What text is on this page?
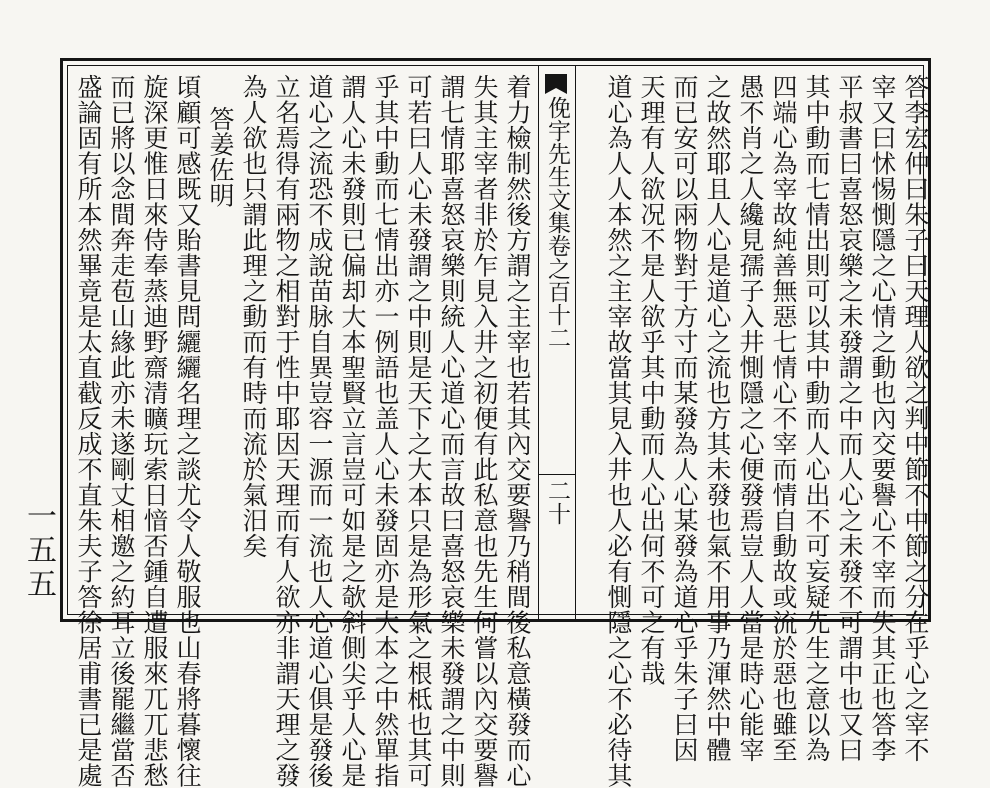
答李宏仲曰朱子曰天理人欲之判中節不中節之分在乎心之宰不
宰又曰怵惕惻隱之心情之動也內交要譽心不宰而失其正也答李
平叔書曰喜怒哀樂之未發謂之中而人心之未發不可謂中也又曰
其中動而七情出則可以其中動而人心出不可妄疑先生之意以為
四端心為宰故純善無惡七情心不宰而情自動故或流於惡也雖至
愚不肖之人纔見孺子入井惻隱之心便發焉豈人人當是時心能宰
之故然耶且人心是道心之流也方其未發也氣不用事乃渾然中體
而已安可以兩物對于方寸而某發為人心某發為道心乎朱子曰因
天理有人欲况不是人欲乎其中動而人心出何不可之有哉
道心為人人本然之主宰故當其見入井也人必有惻隱之心不必待其
俛宇先生文集卷之百十二
二十
着力檢制然後方謂之主宰也若其內交要譽乃稍間後私意橫發而心
失其主宰者非於乍見入井之初便有此私意也先生何嘗以內交要譽
謂七情耶喜怒哀樂則統人心道心而言故曰喜怒哀樂未發謂之中則
可若曰人心未發謂之中則是天下之大本只是為形氣之根柢也其可
乎其中動而七情出亦一例語也盖人心未發固亦是大本之中然單指
謂人心未發則已偏却大本聖賢立言豈可如是之欹斜側尖乎人心是
道心之流恐不成說苗脉自異豈容一源而一流也人心道心俱是發後
立名焉得有兩物之相對于性中耶因天理而有人欲亦非謂天理之發
為人欲也只謂此理之動而有時而流於氣汨矣
答姜佐明
頃顧可感既又貽書見問纚纚名理之談尤令人敬服也山春將暮懷往
旋深更惟日來侍奉蒸迪野齋清曠玩索日愔否鍾自遭服來兀兀悲愁
而已將以念間奔走苞山緣此亦未遂剛丈相邀之約耳立後罷繼當否
盛論固有所本然畢竟是太直截反成不直朱夫子答徐居甫書已是處
一五五
